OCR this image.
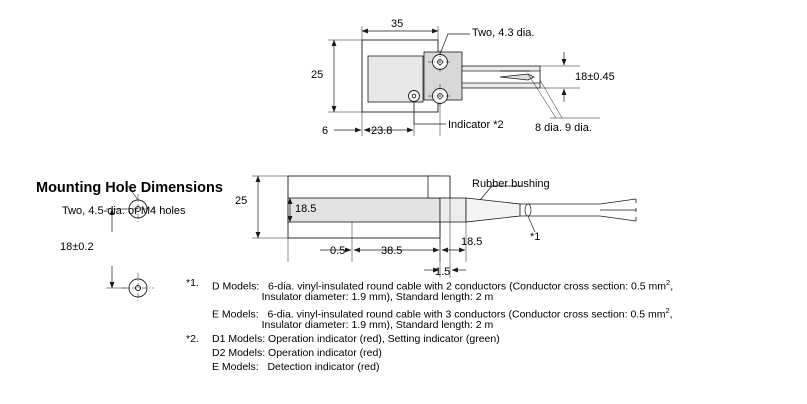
Mounting Hole Dimensions
35
Two, 4.3 dia.
25
6	23.8	Indicator *2
18±0.45
8 dia. 9 dia.
25
18.5
Rubber bushing
*1
0.5	38.5
18.5
1.5
Two, 4.5-dia. or M4 holes
18±0.2
*1. D Models:   6-dia. vinyl-insulated round cable with 2 conductors (Conductor cross section: 0.5 $mm^2$,
Insulator diameter: 1.9 mm), Standard length: 2 m
E Models:   6-dia. vinyl-insulated round cable with 3 conductors (Conductor cross section: 0.5 $mm^2$,
Insulator diameter: 1.9 mm), Standard length: 2 m
*2. D1 Models: Operation indicator (red), Setting indicator (green)
D2 Models: Operation indicator (red)
E Models:   Detection indicator (red)
